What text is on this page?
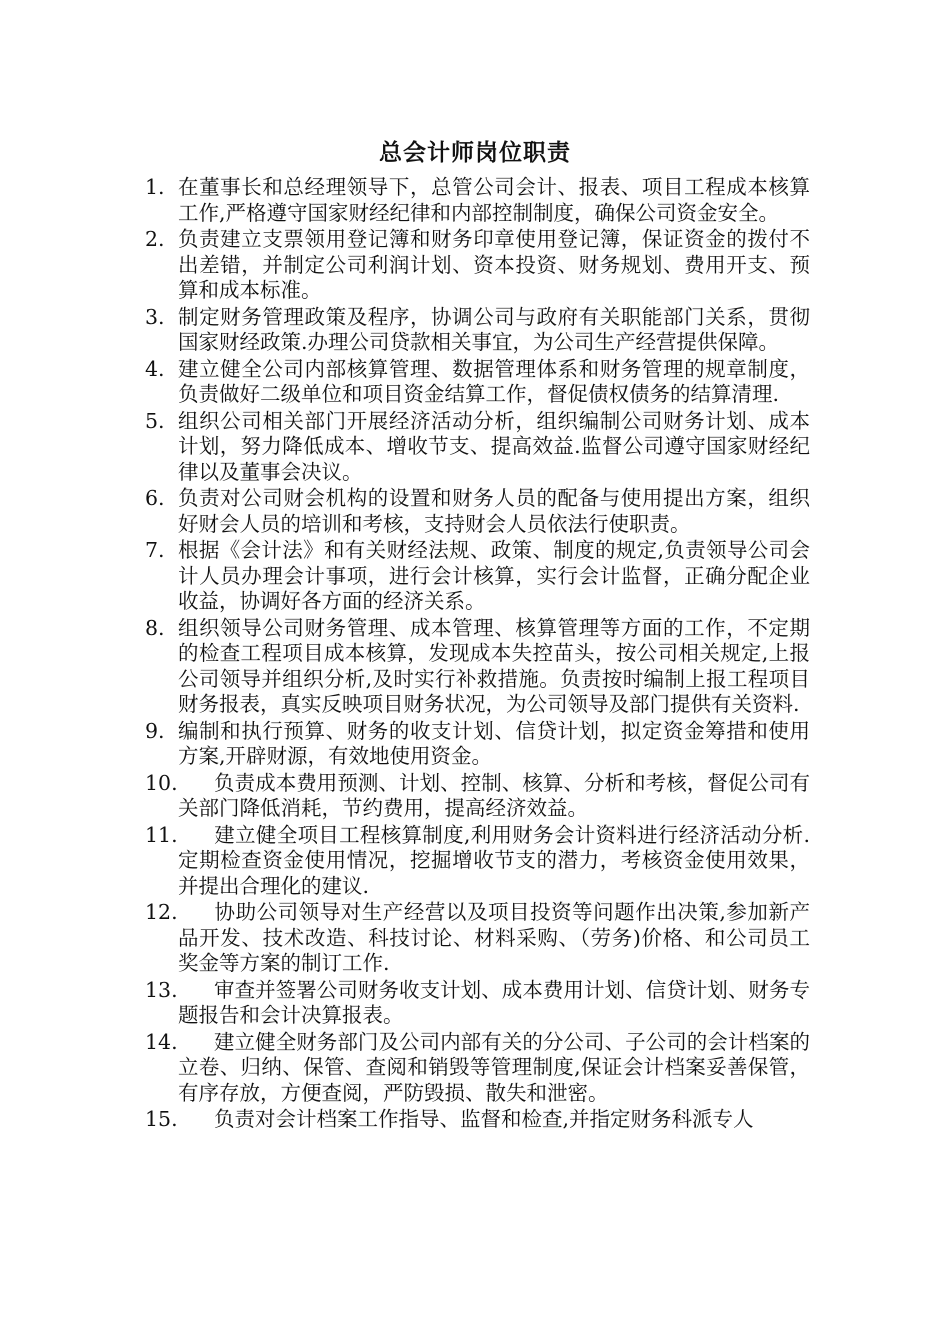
总会计师岗位职责
1. 在董事长和总经理领导下，总管公司会计、报表、项目工程成本核算工作,严格遵守国家财经纪律和内部控制制度，确保公司资金安全。
2. 负责建立支票领用登记簿和财务印章使用登记簿，保证资金的拨付不出差错，并制定公司利润计划、资本投资、财务规划、费用开支、预算和成本标准。
3. 制定财务管理政策及程序，协调公司与政府有关职能部门关系，贯彻国家财经政策.办理公司贷款相关事宜，为公司生产经营提供保障。
4. 建立健全公司内部核算管理、数据管理体系和财务管理的规章制度，负责做好二级单位和项目资金结算工作，督促债权债务的结算清理.
5. 组织公司相关部门开展经济活动分析，组织编制公司财务计划、成本计划，努力降低成本、增收节支、提高效益.监督公司遵守国家财经纪律以及董事会决议。
6. 负责对公司财会机构的设置和财务人员的配备与使用提出方案，组织好财会人员的培训和考核，支持财会人员依法行使职责。
7. 根据《会计法》和有关财经法规、政策、制度的规定,负责领导公司会计人员办理会计事项，进行会计核算，实行会计监督，正确分配企业收益，协调好各方面的经济关系。
8. 组织领导公司财务管理、成本管理、核算管理等方面的工作，不定期的检查工程项目成本核算，发现成本失控苗头，按公司相关规定,上报公司领导并组织分析,及时实行补救措施。负责按时编制上报工程项目财务报表，真实反映项目财务状况，为公司领导及部门提供有关资料.
9. 编制和执行预算、财务的收支计划、信贷计划，拟定资金筹措和使用方案,开辟财源，有效地使用资金。
10. 负责成本费用预测、计划、控制、核算、分析和考核，督促公司有关部门降低消耗，节约费用，提高经济效益。
11. 建立健全项目工程核算制度,利用财务会计资料进行经济活动分析.定期检查资金使用情况，挖掘增收节支的潜力，考核资金使用效果，并提出合理化的建议.
12. 协助公司领导对生产经营以及项目投资等问题作出决策,参加新产品开发、技术改造、科技讨论、材料采购、（劳务)价格、和公司员工奖金等方案的制订工作.
13. 审查并签署公司财务收支计划、成本费用计划、信贷计划、财务专题报告和会计决算报表。
14. 建立健全财务部门及公司内部有关的分公司、子公司的会计档案的立卷、归纳、保管、查阅和销毁等管理制度,保证会计档案妥善保管，有序存放，方便查阅，严防毁损、散失和泄密。
15. 负责对会计档案工作指导、监督和检查,并指定财务科派专人
